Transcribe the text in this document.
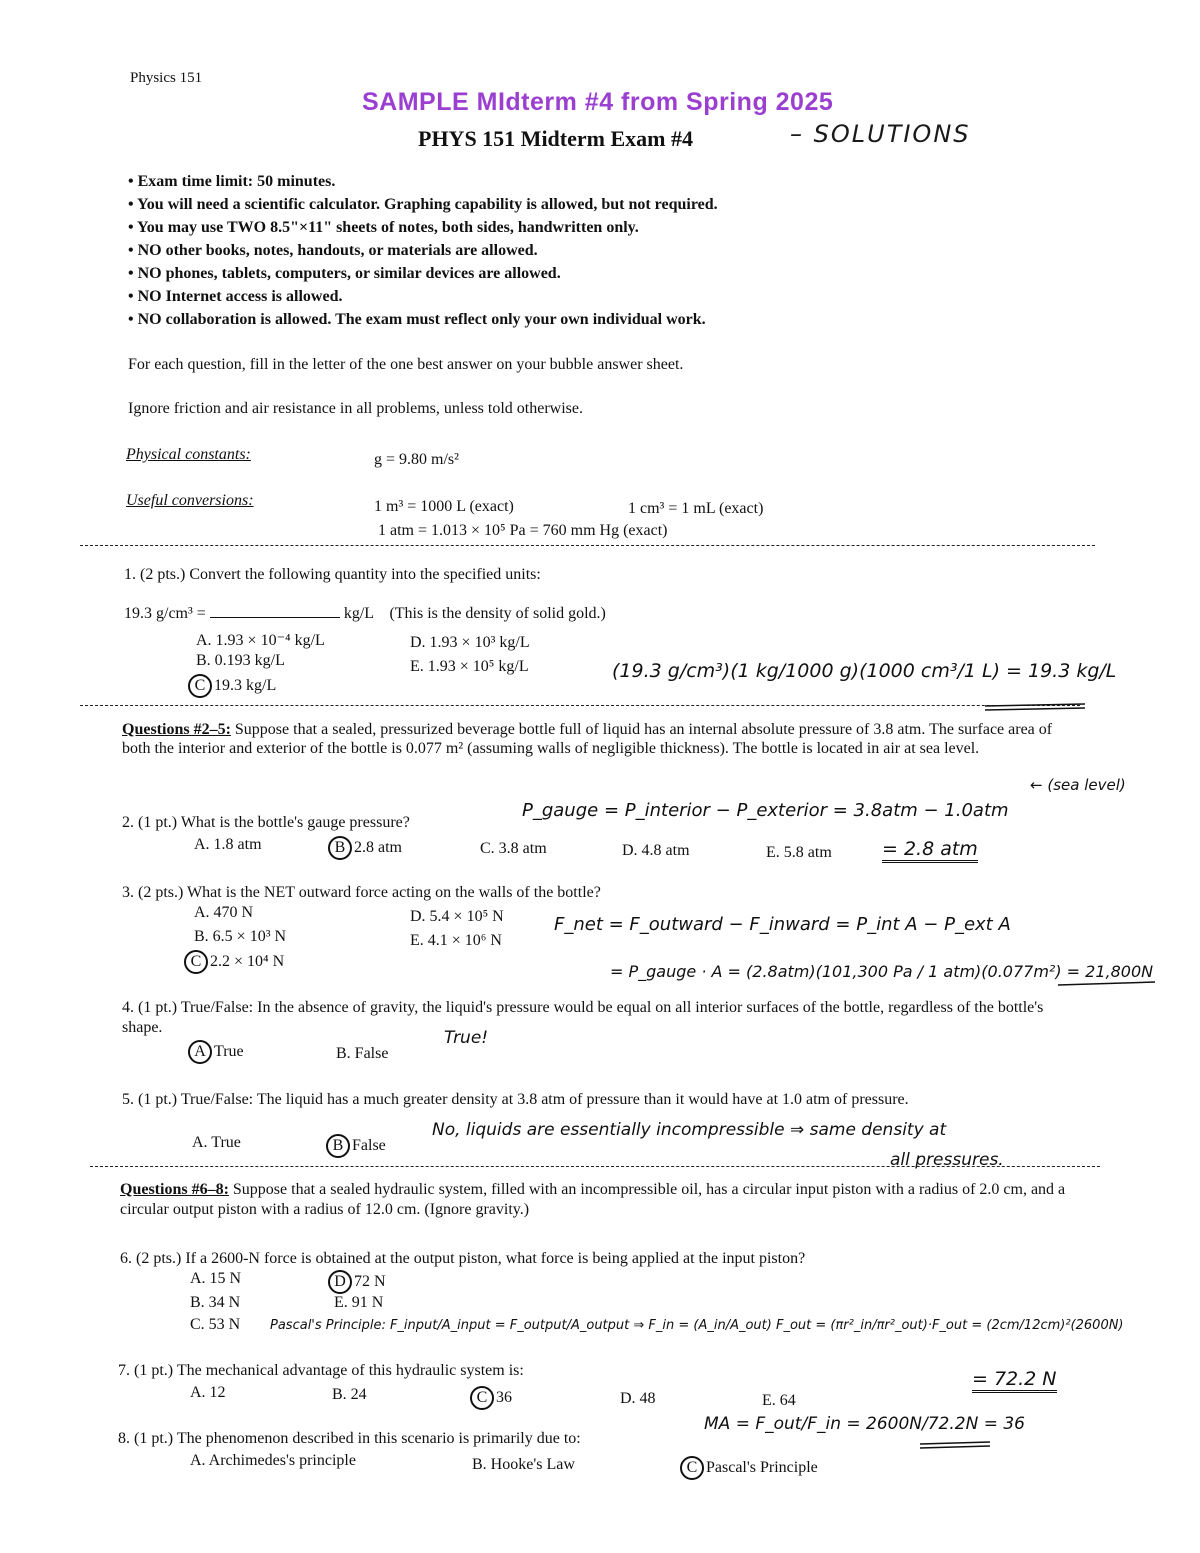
Physics 151
SAMPLE MIdterm #4 from Spring 2025
PHYS 151 Midterm Exam #4	– SOLUTIONS
• Exam time limit: 50 minutes.
• You will need a scientific calculator. Graphing capability is allowed, but not required.
• You may use TWO 8.5"×11" sheets of notes, both sides, handwritten only.
• NO other books, notes, handouts, or materials are allowed.
• NO phones, tablets, computers, or similar devices are allowed.
• NO Internet access is allowed.
• NO collaboration is allowed. The exam must reflect only your own individual work.
For each question, fill in the letter of the one best answer on your bubble answer sheet.
Ignore friction and air resistance in all problems, unless told otherwise.
Physical constants:	g = 9.80 m/s²
Useful conversions:	1 m³ = 1000 L (exact)	1 cm³ = 1 mL (exact)
1 atm = 1.013 × 10⁵ Pa = 760 mm Hg (exact)
1. (2 pts.) Convert the following quantity into the specified units:
19.3 g/cm³ =	kg/L (This is the density of solid gold.)
A. 1.93 × 10⁻⁴ kg/L
B. 0.193 kg/L
C 19.3 kg/L
D. 1.93 × 10³ kg/L
E. 1.93 × 10⁵ kg/L	(19.3 g/cm³)(1 kg/1000 g)(1000 cm³/1 L) = 19.3 kg/L
Questions #2–5: Suppose that a sealed, pressurized beverage bottle full of liquid has an internal absolute pressure of 3.8 atm. The surface area of both the interior and exterior of the bottle is 0.077 m² (assuming walls of negligible thickness). The bottle is located in air at sea level.
2. (1 pt.) What is the bottle's gauge pressure?
A. 1.8 atm	B 2.8 atm	C. 3.8 atm	D. 4.8 atm	E. 5.8 atm
P_gauge = P_interior − P_exterior = 3.8atm − 1.0atm
← (sea level)
= 2.8 atm
3. (2 pts.) What is the NET outward force acting on the walls of the bottle?
A. 470 N
B. 6.5 × 10³ N
C 2.2 × 10⁴ N
D. 5.4 × 10⁵ N
E. 4.1 × 10⁶ N
F_net = F_outward − F_inward = P_int A − P_ext A
= P_gauge · A = (2.8atm)(101,300 Pa / 1 atm)(0.077m²) = 21,800N
4. (1 pt.) True/False: In the absence of gravity, the liquid's pressure would be equal on all interior surfaces of the bottle, regardless of the bottle's shape.
A True	B. False
True!
5. (1 pt.) True/False: The liquid has a much greater density at 3.8 atm of pressure than it would have at 1.0 atm of pressure.
A. True	B False
No, liquids are essentially incompressible ⇒ same density at
all pressures.
Questions #6–8: Suppose that a sealed hydraulic system, filled with an incompressible oil, has a circular input piston with a radius of 2.0 cm, and a circular output piston with a radius of 12.0 cm. (Ignore gravity.)
6. (2 pts.) If a 2600-N force is obtained at the output piston, what force is being applied at the input piston?
A. 15 N
B. 34 N
C. 53 N
D 72 N
E. 91 N
Pascal's Principle: F_input/A_input = F_output/A_output ⇒ F_in = (A_in/A_out) F_out = (πr²_in/πr²_out)·F_out = (2cm/12cm)²(2600N)
= 72.2 N
7. (1 pt.) The mechanical advantage of this hydraulic system is:
A. 12	B. 24	C 36	D. 48	E. 64
8. (1 pt.) The phenomenon described in this scenario is primarily due to:
A. Archimedes's principle	B. Hooke's Law	C Pascal's Principle
MA = F_out/F_in = 2600N/72.2N = 36
